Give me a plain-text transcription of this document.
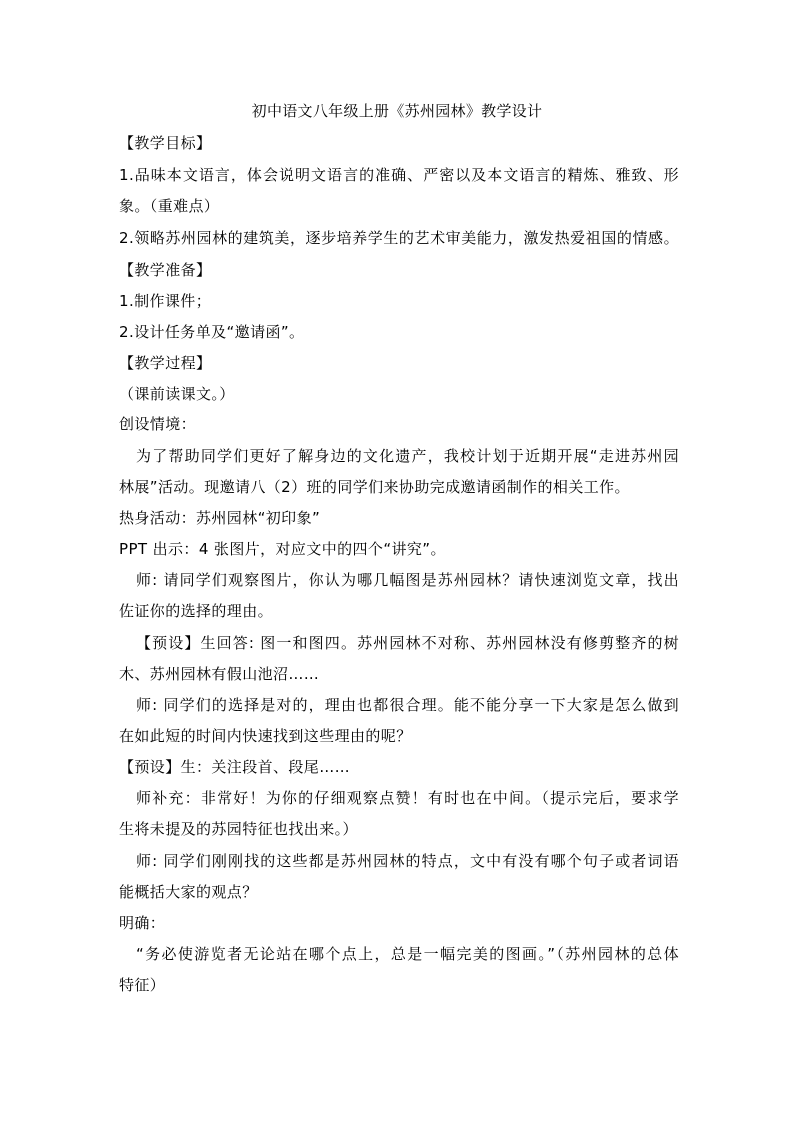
初中语文八年级上册《苏州园林》教学设计
【教学目标】
1.品味本文语言，体会说明文语言的准确、严密以及本文语言的精炼、雅致、形
象。（重难点）
2.领略苏州园林的建筑美，逐步培养学生的艺术审美能力，激发热爱祖国的情感。
【教学准备】
1.制作课件；
2.设计任务单及“邀请函”。
【教学过程】
（课前读课文。）
创设情境：
为了帮助同学们更好了解身边的文化遗产，我校计划于近期开展“走进苏州园
林展”活动。现邀请八（2）班的同学们来协助完成邀请函制作的相关工作。
热身活动：苏州园林“初印象”
PPT 出示：4 张图片，对应文中的四个“讲究”。
师: 请同学们观察图片，你认为哪几幅图是苏州园林？请快速浏览文章，找出
佐证你的选择的理由。
【预设】生回答: 图一和图四。苏州园林不对称、苏州园林没有修剪整齐的树
木、苏州园林有假山池沼……
师: 同学们的选择是对的，理由也都很合理。能不能分享一下大家是怎么做到
在如此短的时间内快速找到这些理由的呢？
【预设】生：关注段首、段尾……
师补充：非常好！为你的仔细观察点赞！有时也在中间。（提示完后，要求学
生将未提及的苏园特征也找出来。）
师: 同学们刚刚找的这些都是苏州园林的特点，文中有没有哪个句子或者词语
能概括大家的观点？
明确：
“务必使游览者无论站在哪个点上，总是一幅完美的图画。”（苏州园林的总体
特征）
